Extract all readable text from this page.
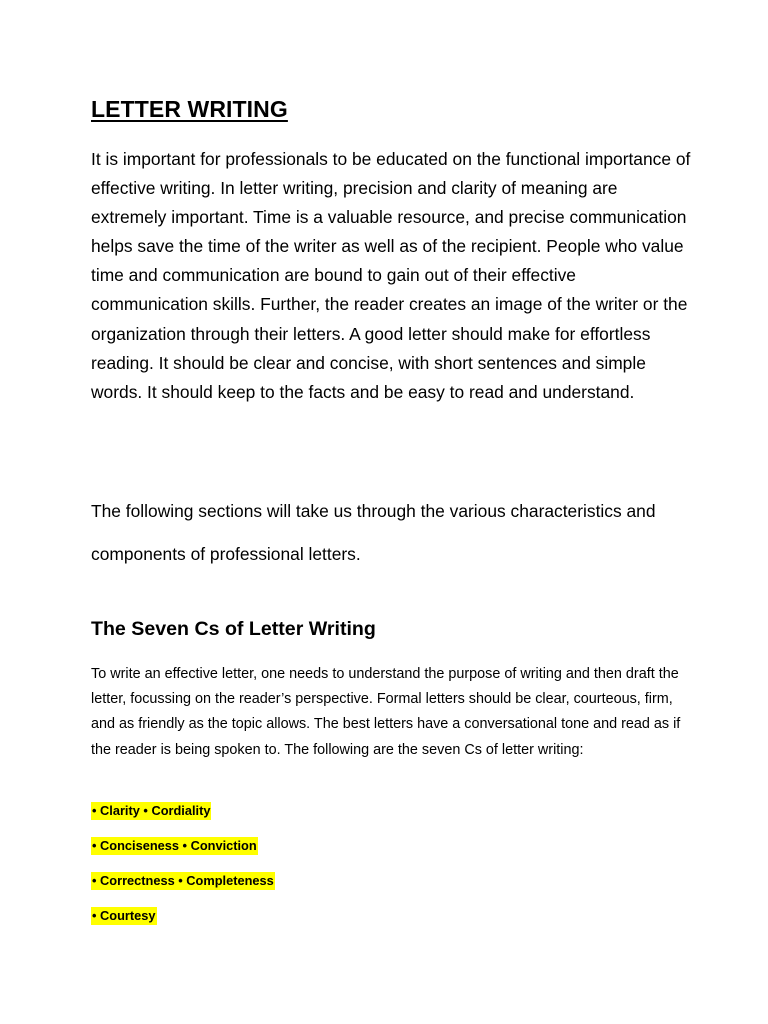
LETTER WRITING

It is important for professionals to be educated on the functional importance of effective writing. In letter writing, precision and clarity of meaning are extremely important. Time is a valuable resource, and precise communication helps save the time of the writer as well as of the recipient. People who value time and communication are bound to gain out of their effective communication skills. Further, the reader creates an image of the writer or the organization through their letters. A good letter should make for effortless reading. It should be clear and concise, with short sentences and simple words. It should keep to the facts and be easy to read and understand.

The following sections will take us through the various characteristics and components of professional letters.

The Seven Cs of Letter Writing

To write an effective letter, one needs to understand the purpose of writing and then draft the letter, focussing on the reader’s perspective. Formal letters should be clear, courteous, firm, and as friendly as the topic allows. The best letters have a conversational tone and read as if the reader is being spoken to. The following are the seven Cs of letter writing:

• Clarity • Cordiality
• Conciseness • Conviction
• Correctness • Completeness
• Courtesy
